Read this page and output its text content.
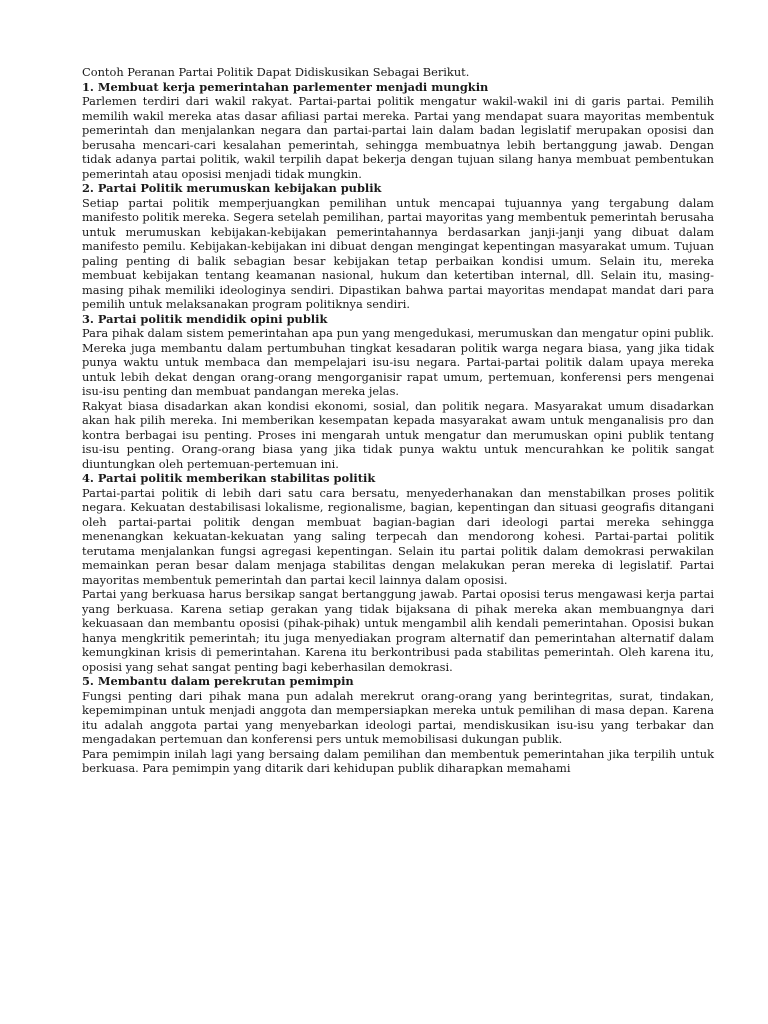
Contoh Peranan Partai Politik Dapat Didiskusikan Sebagai Berikut.

1. Membuat kerja pemerintahan parlementer menjadi mungkin

Parlemen terdiri dari wakil rakyat. Partai-partai politik mengatur wakil-wakil ini di garis partai. Pemilih memilih wakil mereka atas dasar afiliasi partai mereka. Partai yang mendapat suara mayoritas membentuk pemerintah dan menjalankan negara dan partai-partai lain dalam badan legislatif merupakan oposisi dan berusaha mencari-cari kesalahan pemerintah, sehingga membuatnya lebih bertanggung jawab. Dengan tidak adanya partai politik, wakil terpilih dapat bekerja dengan tujuan silang hanya membuat pembentukan pemerintah atau oposisi menjadi tidak mungkin.

2. Partai Politik merumuskan kebijakan publik

Setiap partai politik memperjuangkan pemilihan untuk mencapai tujuannya yang tergabung dalam manifesto politik mereka. Segera setelah pemilihan, partai mayoritas yang membentuk pemerintah berusaha untuk merumuskan kebijakan-kebijakan pemerintahannya berdasarkan janji-janji yang dibuat dalam manifesto pemilu. Kebijakan-kebijakan ini dibuat dengan mengingat kepentingan masyarakat umum. Tujuan paling penting di balik sebagian besar kebijakan tetap perbaikan kondisi umum. Selain itu, mereka membuat kebijakan tentang keamanan nasional, hukum dan ketertiban internal, dll. Selain itu, masing-masing pihak memiliki ideologinya sendiri. Dipastikan bahwa partai mayoritas mendapat mandat dari para pemilih untuk melaksanakan program politiknya sendiri.

3. Partai politik mendidik opini publik

Para pihak dalam sistem pemerintahan apa pun yang mengedukasi, merumuskan dan mengatur opini publik. Mereka juga membantu dalam pertumbuhan tingkat kesadaran politik warga negara biasa, yang jika tidak punya waktu untuk membaca dan mempelajari isu-isu negara. Partai-partai politik dalam upaya mereka untuk lebih dekat dengan orang-orang mengorganisir rapat umum, pertemuan, konferensi pers mengenai isu-isu penting dan membuat pandangan mereka jelas.

Rakyat biasa disadarkan akan kondisi ekonomi, sosial, dan politik negara. Masyarakat umum disadarkan akan hak pilih mereka. Ini memberikan kesempatan kepada masyarakat awam untuk menganalisis pro dan kontra berbagai isu penting. Proses ini mengarah untuk mengatur dan merumuskan opini publik tentang isu-isu penting. Orang-orang biasa yang jika tidak punya waktu untuk mencurahkan ke politik sangat diuntungkan oleh pertemuan-pertemuan ini.

4. Partai politik memberikan stabilitas politik

Partai-partai politik di lebih dari satu cara bersatu, menyederhanakan dan menstabilkan proses politik negara. Kekuatan destabilisasi lokalisme, regionalisme, bagian, kepentingan dan situasi geografis ditangani oleh partai-partai politik dengan membuat bagian-bagian dari ideologi partai mereka sehingga menenangkan kekuatan-kekuatan yang saling terpecah dan mendorong kohesi. Partai-partai politik terutama menjalankan fungsi agregasi kepentingan. Selain itu partai politik dalam demokrasi perwakilan memainkan peran besar dalam menjaga stabilitas dengan melakukan peran mereka di legislatif. Partai mayoritas membentuk pemerintah dan partai kecil lainnya dalam oposisi.

Partai yang berkuasa harus bersikap sangat bertanggung jawab. Partai oposisi terus mengawasi kerja partai yang berkuasa. Karena setiap gerakan yang tidak bijaksana di pihak mereka akan membuangnya dari kekuasaan dan membantu oposisi (pihak-pihak) untuk mengambil alih kendali pemerintahan. Oposisi bukan hanya mengkritik pemerintah; itu juga menyediakan program alternatif dan pemerintahan alternatif dalam kemungkinan krisis di pemerintahan. Karena itu berkontribusi pada stabilitas pemerintah. Oleh karena itu, oposisi yang sehat sangat penting bagi keberhasilan demokrasi.

5. Membantu dalam perekrutan pemimpin

Fungsi penting dari pihak mana pun adalah merekrut orang-orang yang berintegritas, surat, tindakan, kepemimpinan untuk menjadi anggota dan mempersiapkan mereka untuk pemilihan di masa depan. Karena itu adalah anggota partai yang menyebarkan ideologi partai, mendiskusikan isu-isu yang terbakar dan mengadakan pertemuan dan konferensi pers untuk memobilisasi dukungan publik.

Para pemimpin inilah lagi yang bersaing dalam pemilihan dan membentuk pemerintahan jika terpilih untuk berkuasa. Para pemimpin yang ditarik dari kehidupan publik diharapkan memahami
